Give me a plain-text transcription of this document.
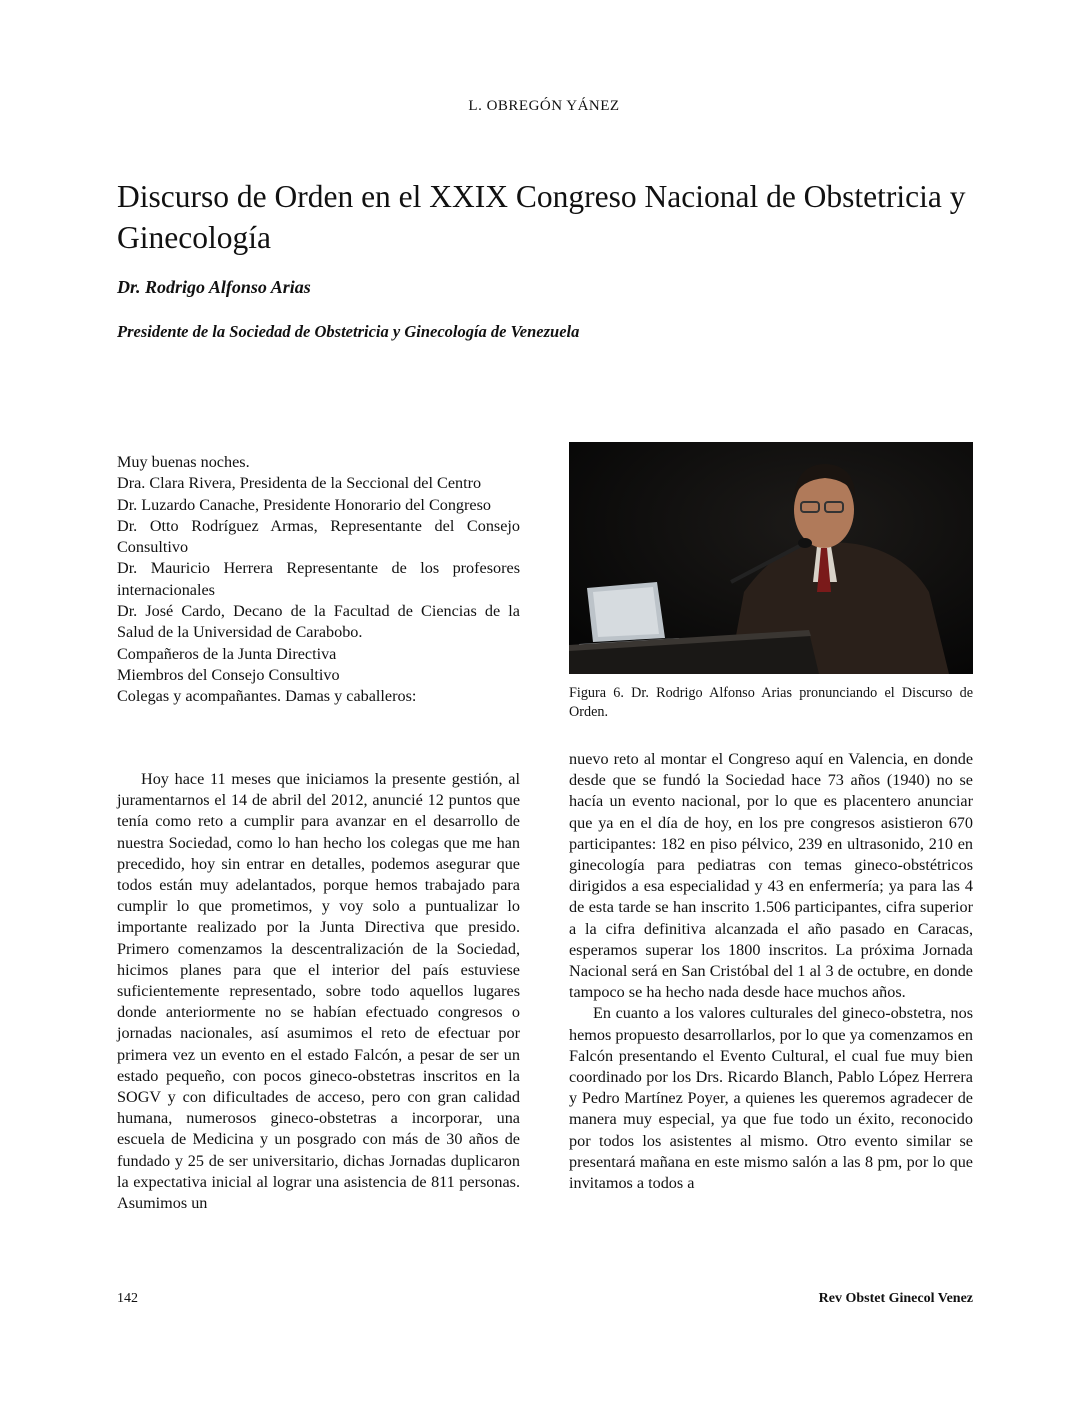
L. OBREGÓN YÁNEZ
Discurso de Orden en el XXIX Congreso Nacional de Obstetricia y Ginecología
Dr. Rodrigo Alfonso Arias
Presidente de la Sociedad de Obstetricia y Ginecología de Venezuela
Muy buenas noches.
Dra. Clara Rivera, Presidenta de la Seccional del Centro
Dr. Luzardo Canache, Presidente Honorario del Congreso
Dr. Otto Rodríguez Armas, Representante del Consejo Consultivo
Dr. Mauricio Herrera Representante de los profesores internacionales
Dr. José Cardo, Decano de la Facultad de Ciencias de la Salud de la Universidad de Carabobo.
Compañeros de la Junta Directiva
Miembros del Consejo Consultivo
Colegas y acompañantes. Damas y caballeros:	Figura 6. Dr. Rodrigo Alfonso Arias pronunciando el Discurso de Orden.

Hoy hace 11 meses que iniciamos la presente gestión, al juramentarnos el 14 de abril del 2012, anuncié 12 puntos que tenía como reto a cumplir para avanzar en el desarrollo de nuestra Sociedad, como lo han hecho los colegas que me han precedido, hoy sin entrar en detalles, podemos asegurar que todos están muy adelantados, porque hemos trabajado para cumplir lo que prometimos, y voy solo a puntualizar lo importante realizado por la Junta Directiva que presido. Primero comenzamos la descentralización de la Sociedad, hicimos planes para que el interior del país estuviese suficientemente representado, sobre todo aquellos lugares donde anteriormente no se habían efectuado congresos o jornadas nacionales, así asumimos el reto de efectuar por primera vez un evento en el estado Falcón, a pesar de ser un estado pequeño, con pocos gineco-obstetras inscritos en la SOGV y con dificultades de acceso, pero con gran calidad humana, numerosos gineco-obstetras a incorporar, una escuela de Medicina y un posgrado con más de 30 años de fundado y 25 de ser universitario, dichas Jornadas duplicaron la expectativa inicial al lograr una asistencia de 811 personas. Asumimos un

nuevo reto al montar el Congreso aquí en Valencia, en donde desde que se fundó la Sociedad hace 73 años (1940) no se hacía un evento nacional, por lo que es placentero anunciar que ya en el día de hoy, en los pre congresos asistieron 670 participantes: 182 en piso pélvico, 239 en ultrasonido, 210 en ginecología para pediatras con temas gineco-obstétricos dirigidos a esa especialidad y 43 en enfermería; ya para las 4 de esta tarde se han inscrito 1.506 participantes, cifra superior a la cifra definitiva alcanzada el año pasado en Caracas, esperamos superar los 1800 inscritos. La próxima Jornada Nacional será en San Cristóbal del 1 al 3 de octubre, en donde tampoco se ha hecho nada desde hace muchos años.

En cuanto a los valores culturales del gineco-obstetra, nos hemos propuesto desarrollarlos, por lo que ya comenzamos en Falcón presentando el Evento Cultural, el cual fue muy bien coordinado por los Drs. Ricardo Blanch, Pablo López Herrera y Pedro Martínez Poyer, a quienes les queremos agradecer de manera muy especial, ya que fue todo un éxito, reconocido por todos los asistentes al mismo. Otro evento similar se presentará mañana en este mismo salón a las 8 pm, por lo que invitamos a todos a

142	Rev Obstet Ginecol Venez
